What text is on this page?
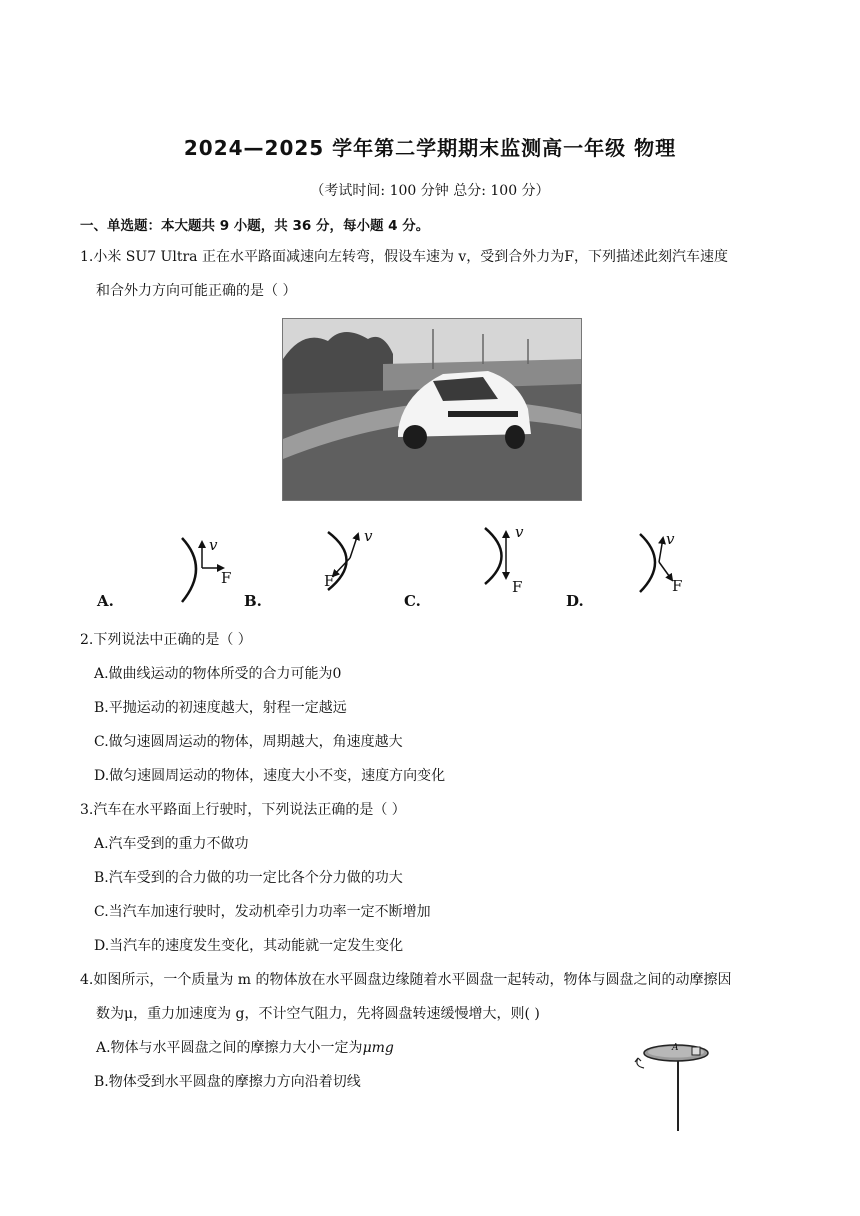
2024—2025 学年第二学期期末监测高一年级 物理
（考试时间: 100 分钟 总分: 100 分）
一、单选题：本大题共 9 小题，共 36 分，每小题 4 分。
1.小米 SU7 Ultra 正在水平路面减速向左转弯，假设车速为 v，受到合外力为F，下列描述此刻汽车速度
和合外力方向可能正确的是（ ）
v
F
v
F
v
F
v
F
A.	B.	C.	D.
2.下列说法中正确的是（ ）
A.做曲线运动的物体所受的合力可能为0
B.平抛运动的初速度越大，射程一定越远
C.做匀速圆周运动的物体，周期越大，角速度越大
D.做匀速圆周运动的物体，速度大小不变，速度方向变化
3.汽车在水平路面上行驶时，下列说法正确的是（ ）
A.汽车受到的重力不做功
B.汽车受到的合力做的功一定比各个分力做的功大
C.当汽车加速行驶时，发动机牵引力功率一定不断增加
D.当汽车的速度发生变化，其动能就一定发生变化
4.如图所示，一个质量为 m 的物体放在水平圆盘边缘随着水平圆盘一起转动，物体与圆盘之间的动摩擦因
数为μ，重力加速度为 g，不计空气阻力，先将圆盘转速缓慢增大，则( )
A.物体与水平圆盘之间的摩擦力大小一定为μmg
B.物体受到水平圆盘的摩擦力方向沿着切线
A
